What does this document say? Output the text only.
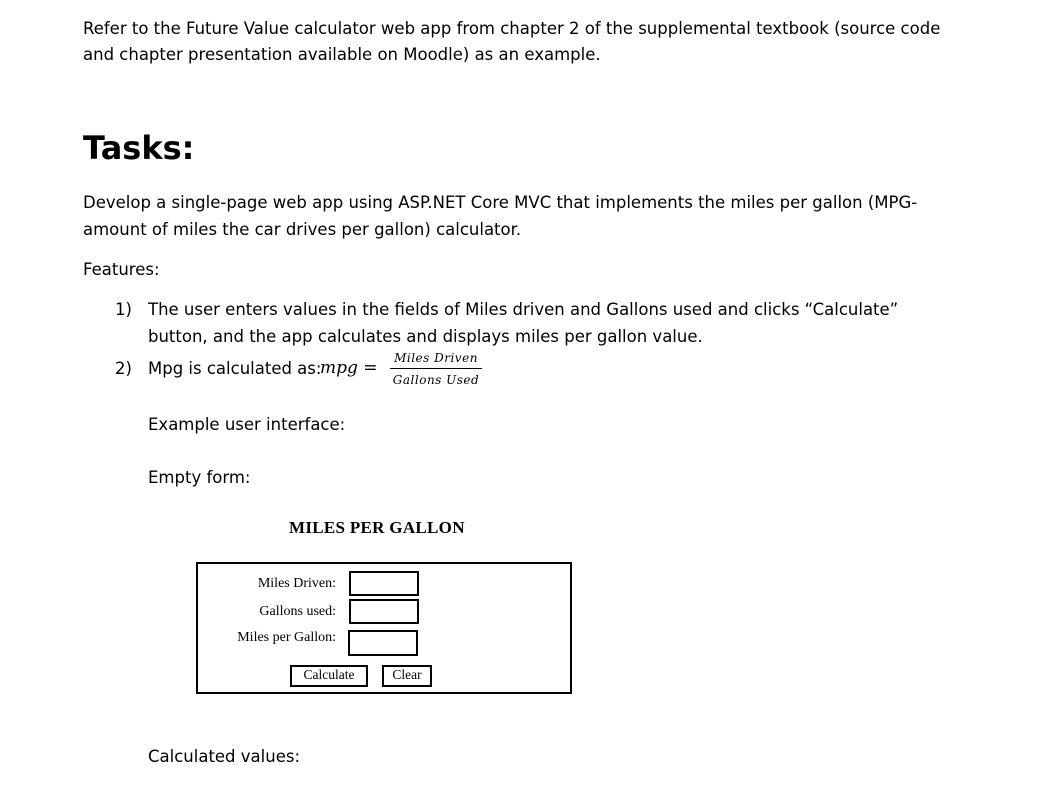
Refer to the Future Value calculator web app from chapter 2 of the supplemental textbook (source code
and chapter presentation available on Moodle) as an example.
Tasks:
Develop a single-page web app using ASP.NET Core MVC that implements the miles per gallon (MPG-
amount of miles the car drives per gallon) calculator.
Features:
1) The user enters values in the fields of Miles driven and Gallons used and clicks “Calculate”
button, and the app calculates and displays miles per gallon value.
2) Mpg is calculated as:
mpg =	Miles Driven
Gallons Used
Example user interface:
Empty form:
MILES PER GALLON
Miles Driven:
Gallons used:
Miles per Gallon:
Calculate	Clear
Calculated values:
